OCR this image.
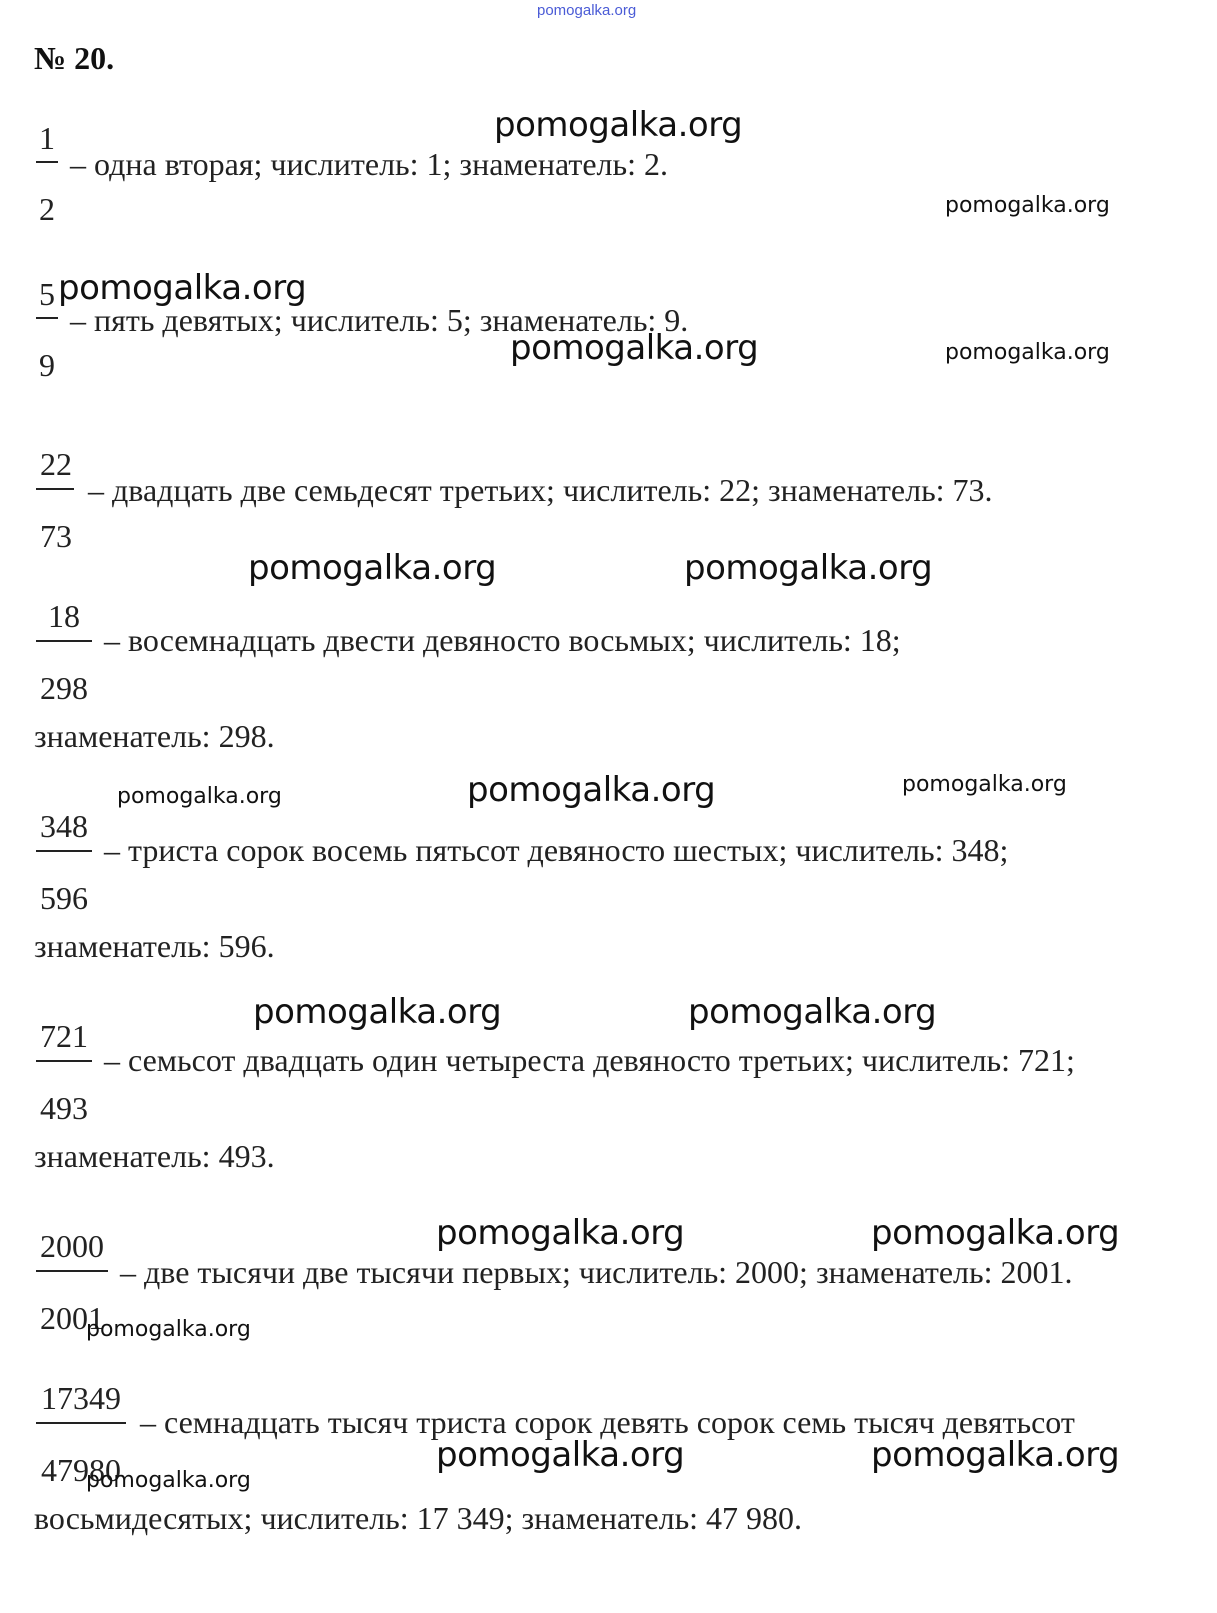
pomogalka.org
№ 20.
1
2
– одна вторая; числитель: 1; знаменатель: 2.
5
9
– пять девятых; числитель: 5; знаменатель: 9.
22
73
– двадцать две семьдесят третьих; числитель: 22; знаменатель: 73.
18
298
– восемнадцать двести девяносто восьмых; числитель: 18;
знаменатель: 298.
348
596
– триста сорок восемь пятьсот девяносто шестых; числитель: 348;
знаменатель: 596.
721
493
– семьсот двадцать один четыреста девяносто третьих; числитель: 721;
знаменатель: 493.
2000
2001
– две тысячи две тысячи первых; числитель: 2000; знаменатель: 2001.
17349
47980
– семнадцать тысяч триста сорок девять сорок семь тысяч девятьсот
восьмидесятых; числитель: 17 349; знаменатель: 47 980.
pomogalka.org
pomogalka.org
pomogalka.org
pomogalka.org	pomogalka.org
pomogalka.org	pomogalka.org
pomogalka.org	pomogalka.org	pomogalka.org
pomogalka.org	pomogalka.org
pomogalka.org	pomogalka.org
pomogalka.org
pomogalka.org	pomogalka.org
pomogalka.org
